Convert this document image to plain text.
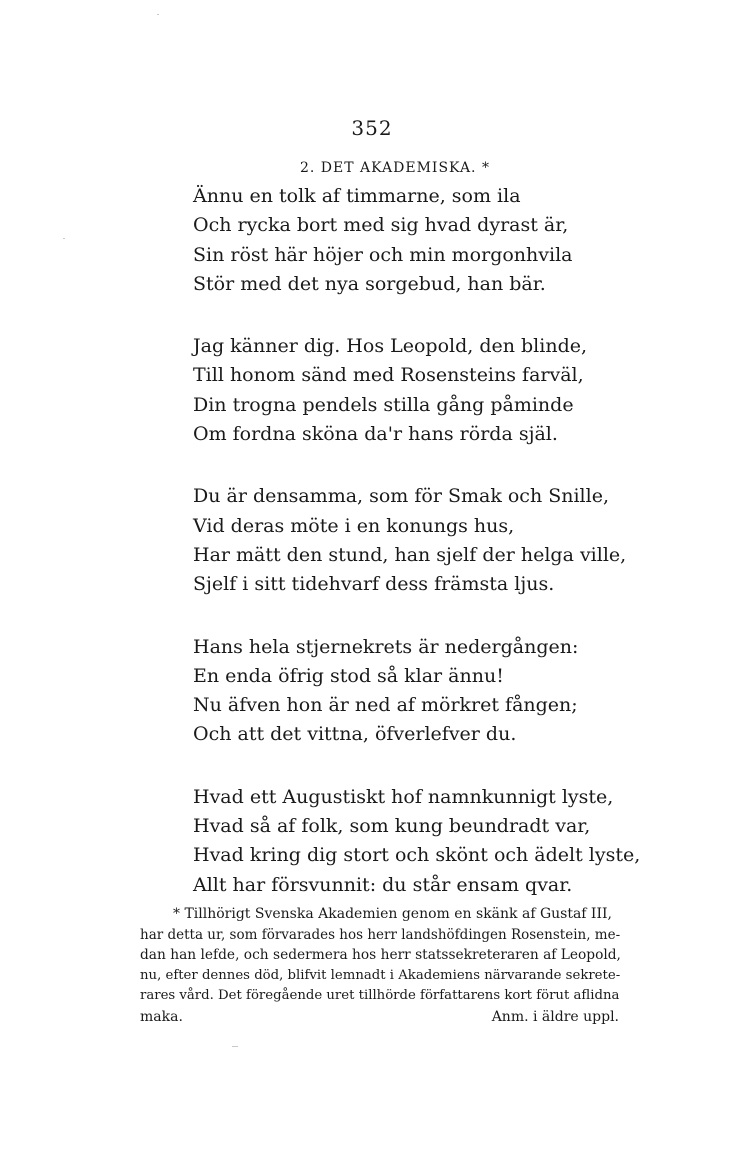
352
2. DET AKADEMISKA. *
Ännu en tolk af timmarne, som ila
Och rycka bort med sig hvad dyrast är,
Sin röst här höjer och min morgonhvila
Stör med det nya sorgebud, han bär.
Jag känner dig. Hos Leopold, den blinde,
Till honom sänd med Rosensteins farväl,
Din trogna pendels stilla gång påminde
Om fordna sköna da'r hans rörda själ.
Du är densamma, som för Smak och Snille,
Vid deras möte i en konungs hus,
Har mätt den stund, han sjelf der helga ville,
Sjelf i sitt tidehvarf dess främsta ljus.
Hans hela stjernekrets är nedergången:
En enda öfrig stod så klar ännu!
Nu äfven hon är ned af mörkret fången;
Och att det vittna, öfverlefver du.
Hvad ett Augustiskt hof namnkunnigt lyste,
Hvad så af folk, som kung beundradt var,
Hvad kring dig stort och skönt och ädelt lyste,
Allt har försvunnit: du står ensam qvar.
* Tillhörigt Svenska Akademien genom en skänk af Gustaf III,
har detta ur, som förvarades hos herr landshöfdingen Rosenstein, me-
dan han lefde, och sedermera hos herr statssekreteraren af Leopold,
nu, efter dennes död, blifvit lemnadt i Akademiens närvarande sekrete-
rares vård. Det föregående uret tillhörde författarens kort förut aflidna
maka.	Anm. i äldre uppl.
